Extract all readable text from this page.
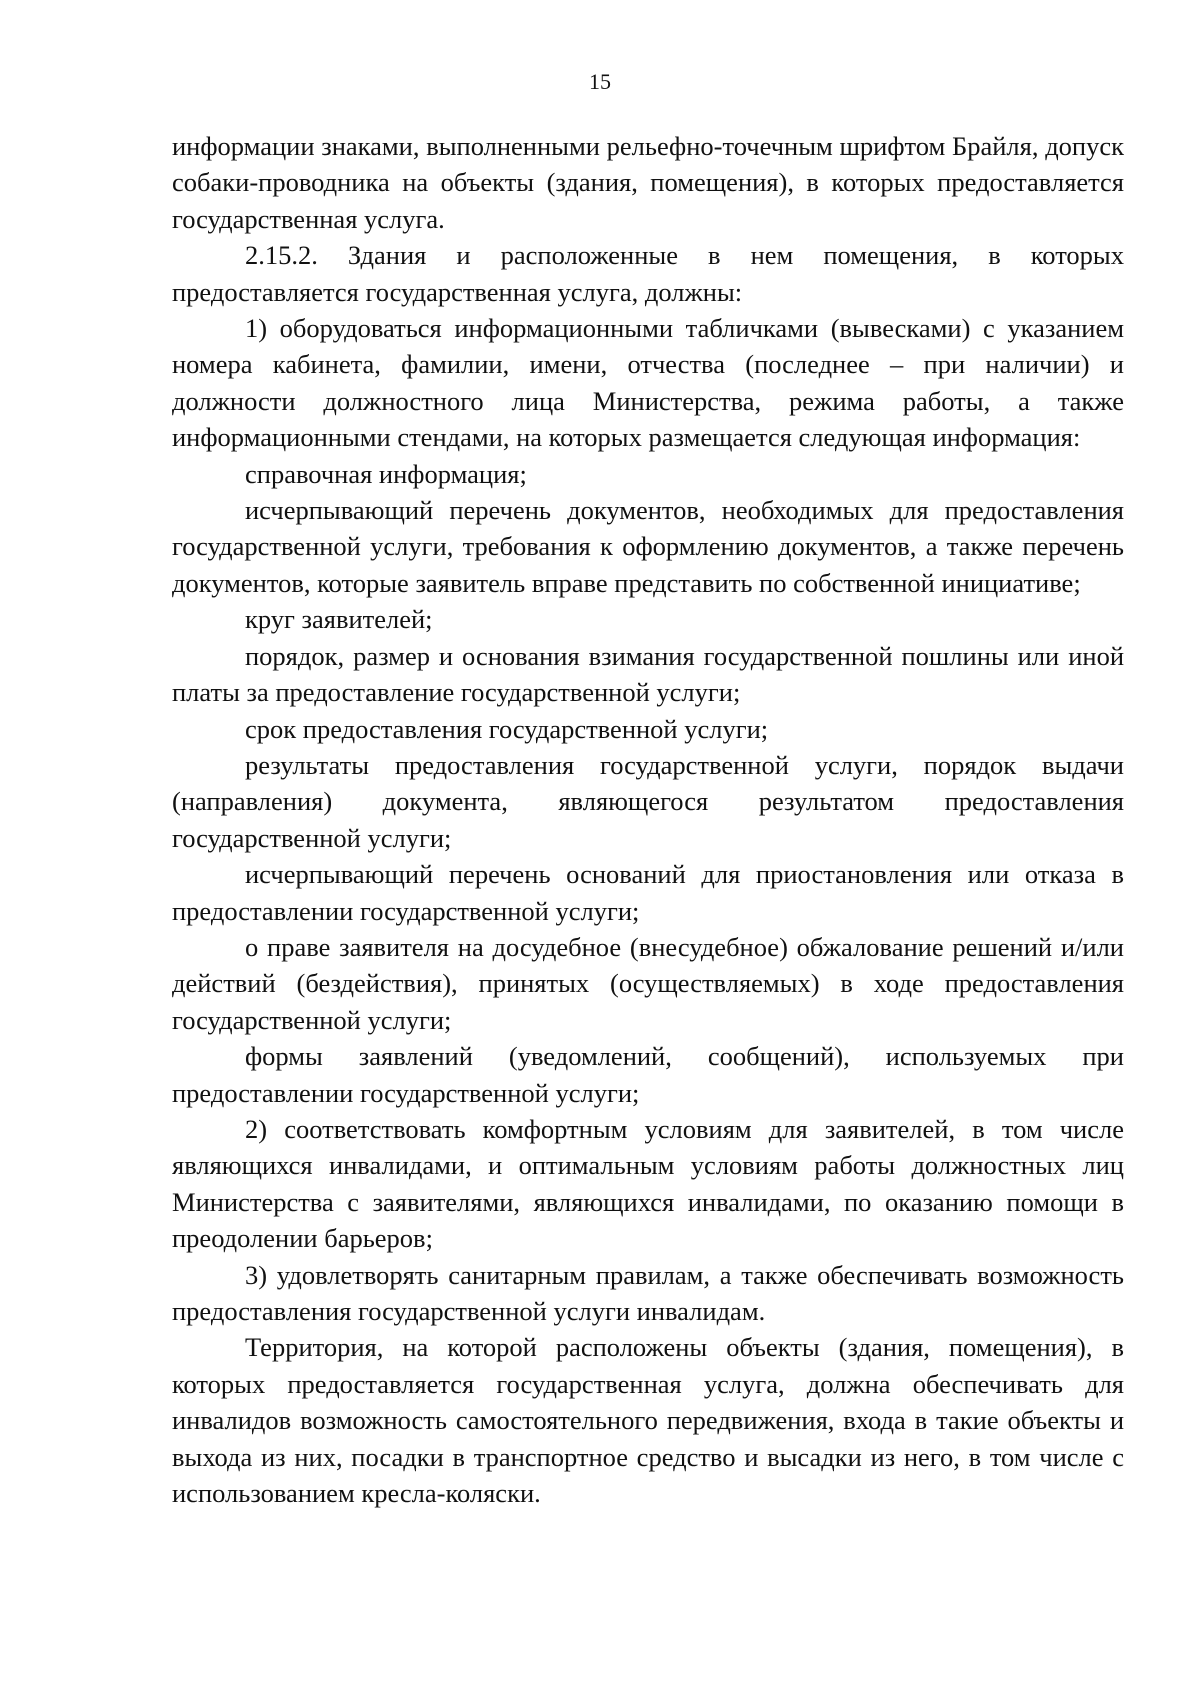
15

информации знаками, выполненными рельефно-точечным шрифтом Брайля, допуск собаки-проводника на объекты (здания, помещения), в которых предоставляется государственная услуга.

2.15.2. Здания и расположенные в нем помещения, в которых предоставляется государственная услуга, должны:

1) оборудоваться информационными табличками (вывесками) с указанием номера кабинета, фамилии, имени, отчества (последнее – при наличии) и должности должностного лица Министерства, режима работы, а также информационными стендами, на которых размещается следующая информация:

справочная информация;

исчерпывающий перечень документов, необходимых для предоставления государственной услуги, требования к оформлению документов, а также перечень документов, которые заявитель вправе представить по собственной инициативе;

круг заявителей;

порядок, размер и основания взимания государственной пошлины или иной платы за предоставление государственной услуги;

срок предоставления государственной услуги;

результаты предоставления государственной услуги, порядок выдачи (направления) документа, являющегося результатом предоставления государственной услуги;

исчерпывающий перечень оснований для приостановления или отказа в предоставлении государственной услуги;

о праве заявителя на досудебное (внесудебное) обжалование решений и/или действий (бездействия), принятых (осуществляемых) в ходе предоставления государственной услуги;

формы заявлений (уведомлений, сообщений), используемых при предоставлении государственной услуги;

2) соответствовать комфортным условиям для заявителей, в том числе являющихся инвалидами, и оптимальным условиям работы должностных лиц Министерства с заявителями, являющихся инвалидами, по оказанию помощи в преодолении барьеров;

3) удовлетворять санитарным правилам, а также обеспечивать возможность предоставления государственной услуги инвалидам.

Территория, на которой расположены объекты (здания, помещения), в которых предоставляется государственная услуга, должна обеспечивать для инвалидов возможность самостоятельного передвижения, входа в такие объекты и выхода из них, посадки в транспортное средство и высадки из него, в том числе с использованием кресла-коляски.
